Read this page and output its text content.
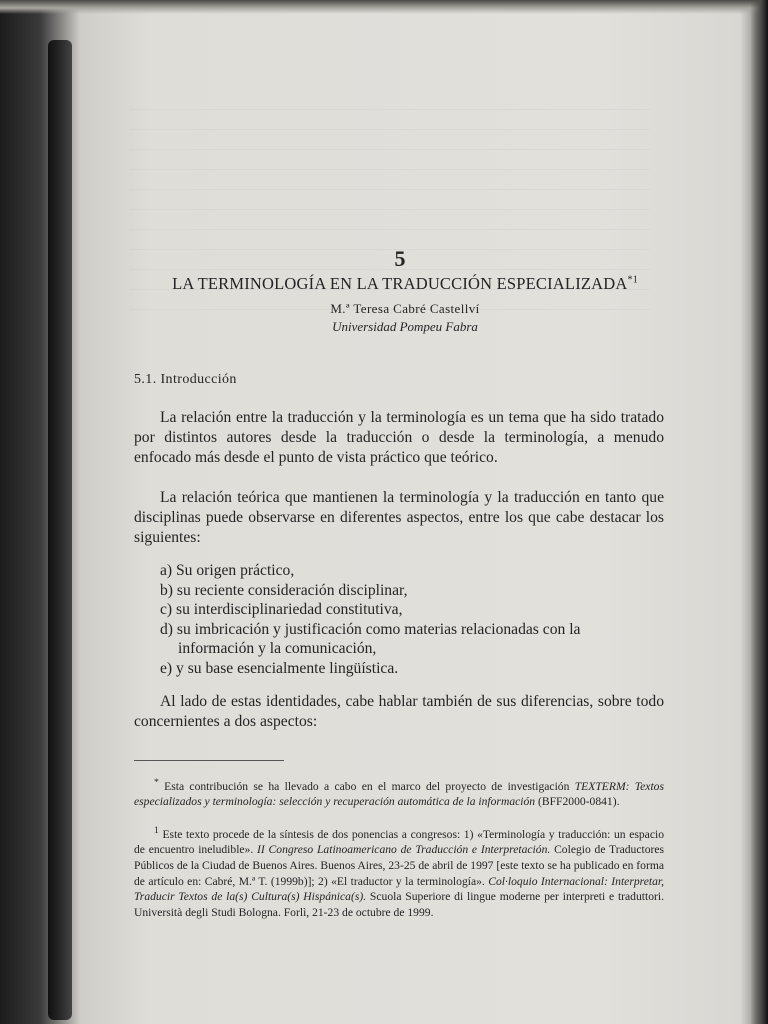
5
LA TERMINOLOGÍA EN LA TRADUCCIÓN ESPECIALIZADA$^{*1}$
M.ª Teresa Cabré Castellví
Universidad Pompeu Fabra
5.1. Introducción
La relación entre la traducción y la terminología es un tema que ha sido tratado por distintos autores desde la traducción o desde la terminología, a menudo enfocado más desde el punto de vista práctico que teórico.
La relación teórica que mantienen la terminología y la traducción en tanto que disciplinas puede observarse en diferentes aspectos, entre los que cabe destacar los siguientes:
a) Su origen práctico,
b) su reciente consideración disciplinar,
c) su interdisciplinariedad constitutiva,
d) su imbricación y justificación como materias relacionadas con la
información y la comunicación,
e) y su base esencialmente lingüística.
Al lado de estas identidades, cabe hablar también de sus diferencias, sobre todo concernientes a dos aspectos:
* Esta contribución se ha llevado a cabo en el marco del proyecto de investigación TEXTERM: Textos especializados y terminología: selección y recuperación automática de la información (BFF2000-0841).
$^1$ Este texto procede de la síntesis de dos ponencias a congresos: 1) «Terminología y traducción: un espacio de encuentro ineludible». II Congreso Latinoamericano de Traducción e Interpretación. Colegio de Traductores Públicos de la Ciudad de Buenos Aires. Buenos Aires, 23-25 de abril de 1997 [este texto se ha publicado en forma de artículo en: Cabré, M.ª T. (1999b)]; 2) «El traductor y la terminología». Col·loquio Internacional: Interpretar, Traducir Textos de la(s) Cultura(s) Hispánica(s). Scuola Superiore di lingue moderne per interpreti e traduttori. Università degli Studi Bologna. Forlì, 21-23 de octubre de 1999.
